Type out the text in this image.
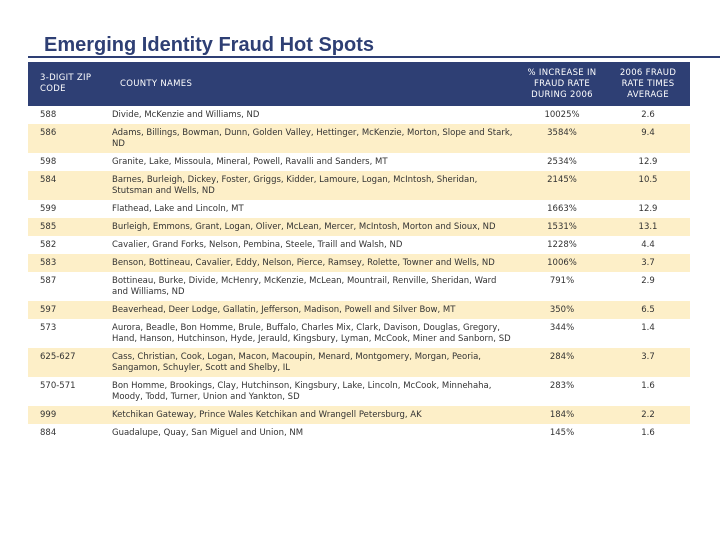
Emerging Identity Fraud Hot Spots
3-DIGIT ZIP CODE	COUNTY NAMES	% INCREASE IN FRAUD RATE DURING 2006	2006 FRAUD RATE TIMES AVERAGE
588	Divide, McKenzie and Williams, ND	10025%	2.6
586	Adams, Billings, Bowman, Dunn, Golden Valley, Hettinger, McKenzie, Morton, Slope and Stark, ND	3584%	9.4
598	Granite, Lake, Missoula, Mineral, Powell, Ravalli and Sanders, MT	2534%	12.9
584	Barnes, Burleigh, Dickey, Foster, Griggs, Kidder, Lamoure, Logan, McIntosh, Sheridan, Stutsman and Wells, ND	2145%	10.5
599	Flathead, Lake and Lincoln, MT	1663%	12.9
585	Burleigh, Emmons, Grant, Logan, Oliver, McLean, Mercer, McIntosh, Morton and Sioux, ND	1531%	13.1
582	Cavalier, Grand Forks, Nelson, Pembina, Steele, Traill and Walsh, ND	1228%	4.4
583	Benson, Bottineau, Cavalier, Eddy, Nelson, Pierce, Ramsey, Rolette, Towner and Wells, ND	1006%	3.7
587	Bottineau, Burke, Divide, McHenry, McKenzie, McLean, Mountrail, Renville, Sheridan, Ward and Williams, ND	791%	2.9
597	Beaverhead, Deer Lodge, Gallatin, Jefferson, Madison, Powell and Silver Bow, MT	350%	6.5
573	Aurora, Beadle, Bon Homme, Brule, Buffalo, Charles Mix, Clark, Davison, Douglas, Gregory, Hand, Hanson, Hutchinson, Hyde, Jerauld, Kingsbury, Lyman, McCook, Miner and Sanborn, SD	344%	1.4
625-627	Cass, Christian, Cook, Logan, Macon, Macoupin, Menard, Montgomery, Morgan, Peoria, Sangamon, Schuyler, Scott and Shelby, IL	284%	3.7
570-571	Bon Homme, Brookings, Clay, Hutchinson, Kingsbury, Lake, Lincoln, McCook, Minnehaha, Moody, Todd, Turner, Union and Yankton, SD	283%	1.6
999	Ketchikan Gateway, Prince Wales Ketchikan and Wrangell Petersburg, AK	184%	2.2
884	Guadalupe, Quay, San Miguel and Union, NM	145%	1.6
